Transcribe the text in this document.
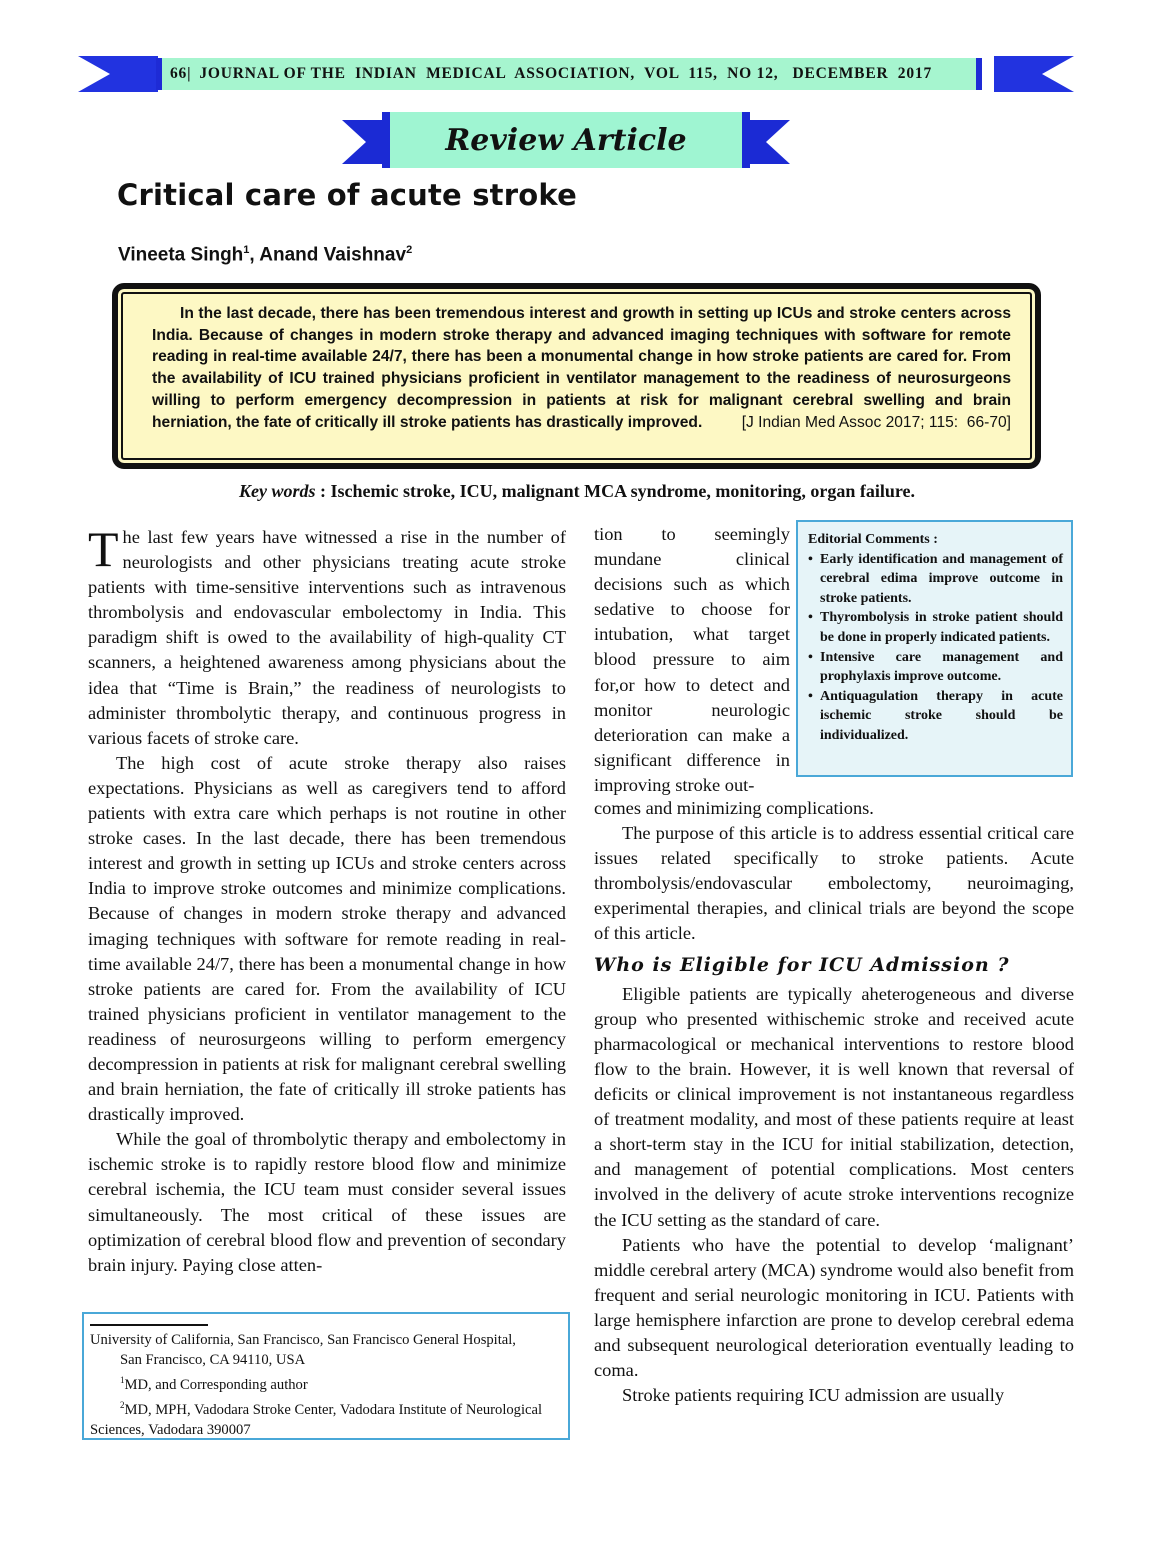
66| JOURNAL OF THE  INDIAN  MEDICAL  ASSOCIATION,  VOL  115,  NO 12,   DECEMBER  2017
Review Article
Critical care of acute stroke
Vineeta Singh$^1$, Anand Vaishnav$^2$

In the last decade, there has been tremendous interest and growth in setting up ICUs and stroke centers across India. Because of changes in modern stroke therapy and advanced imaging techniques with software for remote reading in real-time available 24/7, there has been a monumental change in how stroke patients are cared for. From the availability of ICU trained physicians proficient in ventilator management to the readiness of neurosurgeons willing to perform emergency decompression in patients at risk for malignant cerebral swelling and brain herniation, the fate of critically ill stroke patients has drastically improved.	[J Indian Med Assoc 2017; 115:  66-70]

Key words : Ischemic stroke, ICU, malignant MCA syndrome, monitoring, organ failure.

The last few years have witnessed a rise in the number of neurologists and other physicians treating acute stroke patients with time-sensitive interventions such as intravenous thrombolysis and endovascular embolectomy in India. This paradigm shift is owed to the availability of high-quality CT scanners, a heightened awareness among physicians about the idea that “Time is Brain,” the readiness of neurologists to administer thrombolytic therapy, and continuous progress in various facets of stroke care.

The high cost of acute stroke therapy also raises expectations. Physicians as well as caregivers tend to afford patients with extra care which perhaps is not routine in other stroke cases. In the last decade, there has been tremendous interest and growth in setting up ICUs and stroke centers across India to improve stroke outcomes and minimize complications. Because of changes in modern stroke therapy and advanced imaging techniques with software for remote reading in real-time available 24/7, there has been a monumental change in how stroke patients are cared for. From the availability of ICU trained physicians proficient in ventilator management to the readiness of neurosurgeons willing to perform emergency decompression in patients at risk for malignant cerebral swelling and brain herniation, the fate of critically ill stroke patients has drastically improved.

While the goal of thrombolytic therapy and embolectomy in ischemic stroke is to rapidly restore blood flow and minimize cerebral ischemia, the ICU team must consider several issues simultaneously. The most critical of these issues are optimization of cerebral blood flow and prevention of secondary brain injury. Paying close atten-

tion to seemingly mundane clinical decisions such as which sedative to choose for intubation, what target blood pressure to aim for,or how to detect and monitor neurologic deterioration can make a significant difference in improving stroke out-

Editorial Comments :
• Early identification and management of cerebral edima improve outcome in stroke patients.
• Thyrombolysis in stroke patient should be done in properly indicated patients.
• Intensive care management and prophylaxis improve outcome.
• Antiquagulation therapy in acute ischemic stroke should be individualized.

comes and minimizing complications.

The purpose of this article is to address essential critical care issues related specifically to stroke patients. Acute thrombolysis/endovascular embolectomy, neuroimaging, experimental therapies, and clinical trials are beyond the scope of this article.

Who is Eligible for ICU Admission ?

Eligible patients are typically aheterogeneous and diverse group who presented withischemic stroke and received acute pharmacological or mechanical interventions to restore blood flow to the brain. However, it is well known that reversal of deficits or clinical improvement is not instantaneous regardless of treatment modality, and most of these patients require at least a short-term stay in the ICU for initial stabilization, detection, and management of potential complications. Most centers involved in the delivery of acute stroke interventions recognize the ICU setting as the standard of care.

Patients who have the potential to develop ‘malignant’ middle cerebral artery (MCA) syndrome would also benefit from frequent and serial neurologic monitoring in ICU. Patients with large hemisphere infarction are prone to develop cerebral edema and subsequent neurological deterioration eventually leading to coma.

Stroke patients requiring ICU admission are usually

University of California, San Francisco, San Francisco General Hospital,

San Francisco, CA 94110, USA

$^1$MD, and Corresponding author

$^2$MD, MPH, Vadodara Stroke Center, Vadodara Institute of Neurological Sciences, Vadodara 390007
